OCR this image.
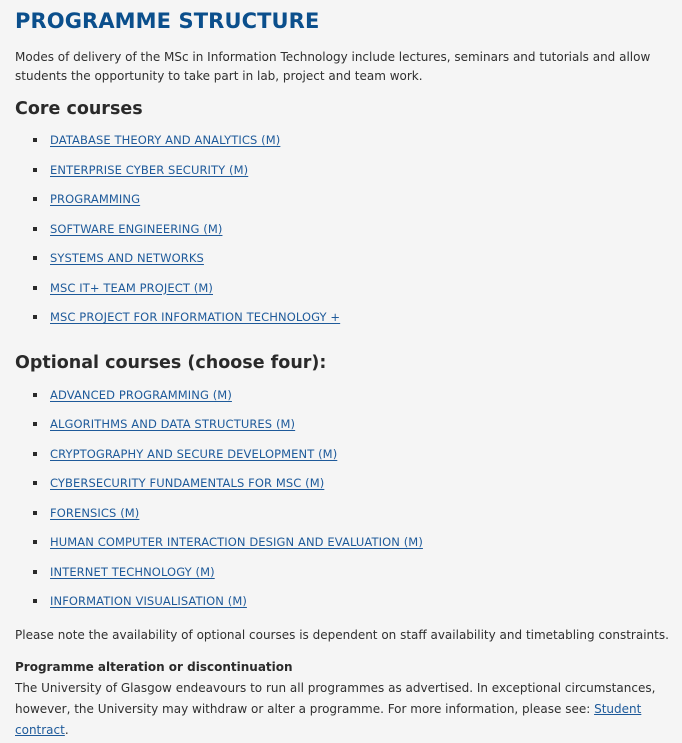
PROGRAMME STRUCTURE

Modes of delivery of the MSc in Information Technology include lectures, seminars and tutorials and allow students the opportunity to take part in lab, project and team work.

Core courses
DATABASE THEORY AND ANALYTICS (M)
ENTERPRISE CYBER SECURITY (M)
PROGRAMMING
SOFTWARE ENGINEERING (M)
SYSTEMS AND NETWORKS
MSC IT+ TEAM PROJECT (M)
MSC PROJECT FOR INFORMATION TECHNOLOGY +
Optional courses (choose four):
ADVANCED PROGRAMMING (M)
ALGORITHMS AND DATA STRUCTURES (M)
CRYPTOGRAPHY AND SECURE DEVELOPMENT (M)
CYBERSECURITY FUNDAMENTALS FOR MSC (M)
FORENSICS (M)
HUMAN COMPUTER INTERACTION DESIGN AND EVALUATION (M)
INTERNET TECHNOLOGY (M)
INFORMATION VISUALISATION (M)

Please note the availability of optional courses is dependent on staff availability and timetabling constraints.

Programme alteration or discontinuation

The University of Glasgow endeavours to run all programmes as advertised. In exceptional circumstances, however, the University may withdraw or alter a programme. For more information, please see: Student contract.
